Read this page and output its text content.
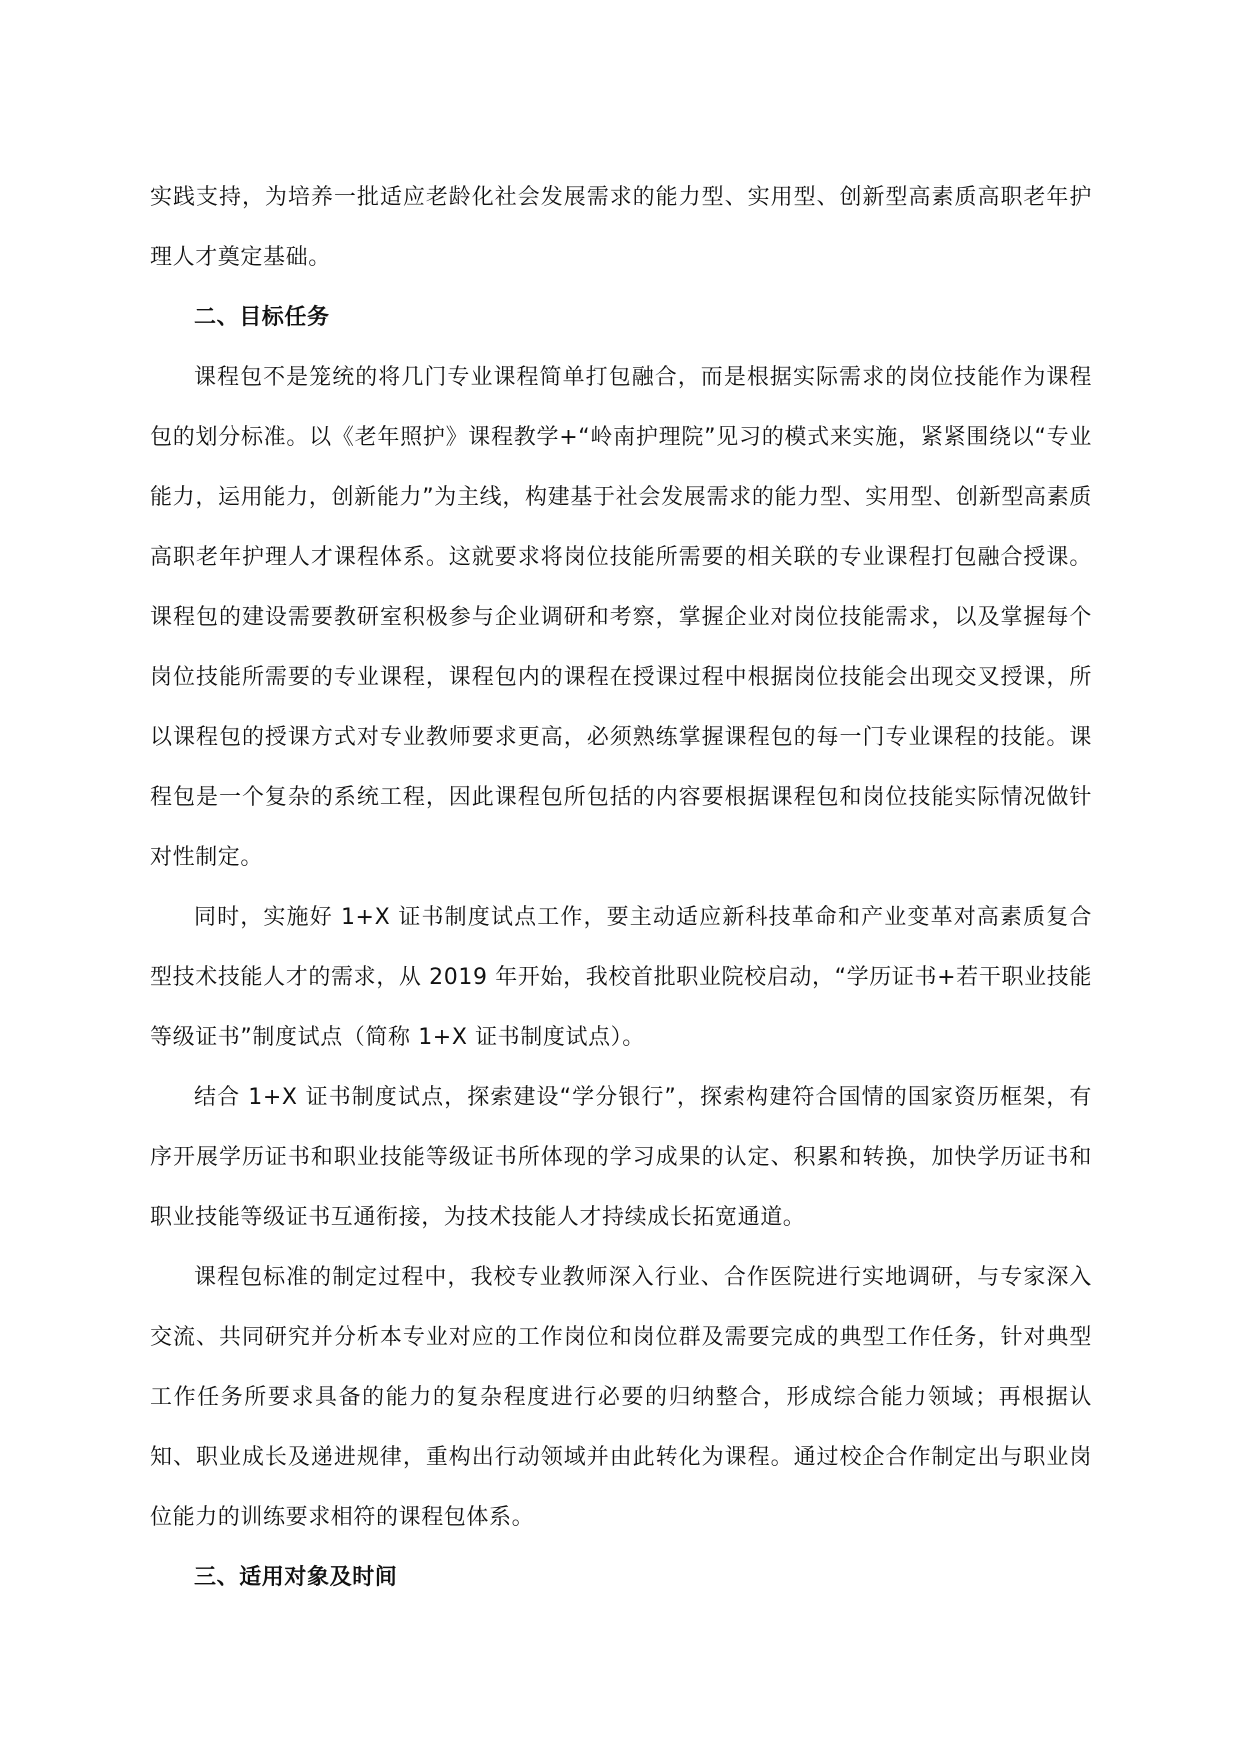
实践支持，为培养一批适应老龄化社会发展需求的能力型、实用型、创新型高素质高职老年护理人才奠定基础。

二、目标任务

课程包不是笼统的将几门专业课程简单打包融合，而是根据实际需求的岗位技能作为课程包的划分标准。以《老年照护》课程教学+“岭南护理院”见习的模式来实施，紧紧围绕以“专业能力，运用能力，创新能力”为主线，构建基于社会发展需求的能力型、实用型、创新型高素质高职老年护理人才课程体系。这就要求将岗位技能所需要的相关联的专业课程打包融合授课。课程包的建设需要教研室积极参与企业调研和考察，掌握企业对岗位技能需求，以及掌握每个岗位技能所需要的专业课程，课程包内的课程在授课过程中根据岗位技能会出现交叉授课，所以课程包的授课方式对专业教师要求更高，必须熟练掌握课程包的每一门专业课程的技能。课程包是一个复杂的系统工程，因此课程包所包括的内容要根据课程包和岗位技能实际情况做针对性制定。

同时，实施好 1+X 证书制度试点工作，要主动适应新科技革命和产业变革对高素质复合型技术技能人才的需求，从 2019 年开始，我校首批职业院校启动，“学历证书+若干职业技能等级证书”制度试点（简称 1+X 证书制度试点）。

结合 1+X 证书制度试点，探索建设“学分银行”，探索构建符合国情的国家资历框架，有序开展学历证书和职业技能等级证书所体现的学习成果的认定、积累和转换，加快学历证书和职业技能等级证书互通衔接，为技术技能人才持续成长拓宽通道。

课程包标准的制定过程中，我校专业教师深入行业、合作医院进行实地调研，与专家深入交流、共同研究并分析本专业对应的工作岗位和岗位群及需要完成的典型工作任务，针对典型工作任务所要求具备的能力的复杂程度进行必要的归纳整合，形成综合能力领域；再根据认知、职业成长及递进规律，重构出行动领域并由此转化为课程。通过校企合作制定出与职业岗位能力的训练要求相符的课程包体系。

三、适用对象及时间
